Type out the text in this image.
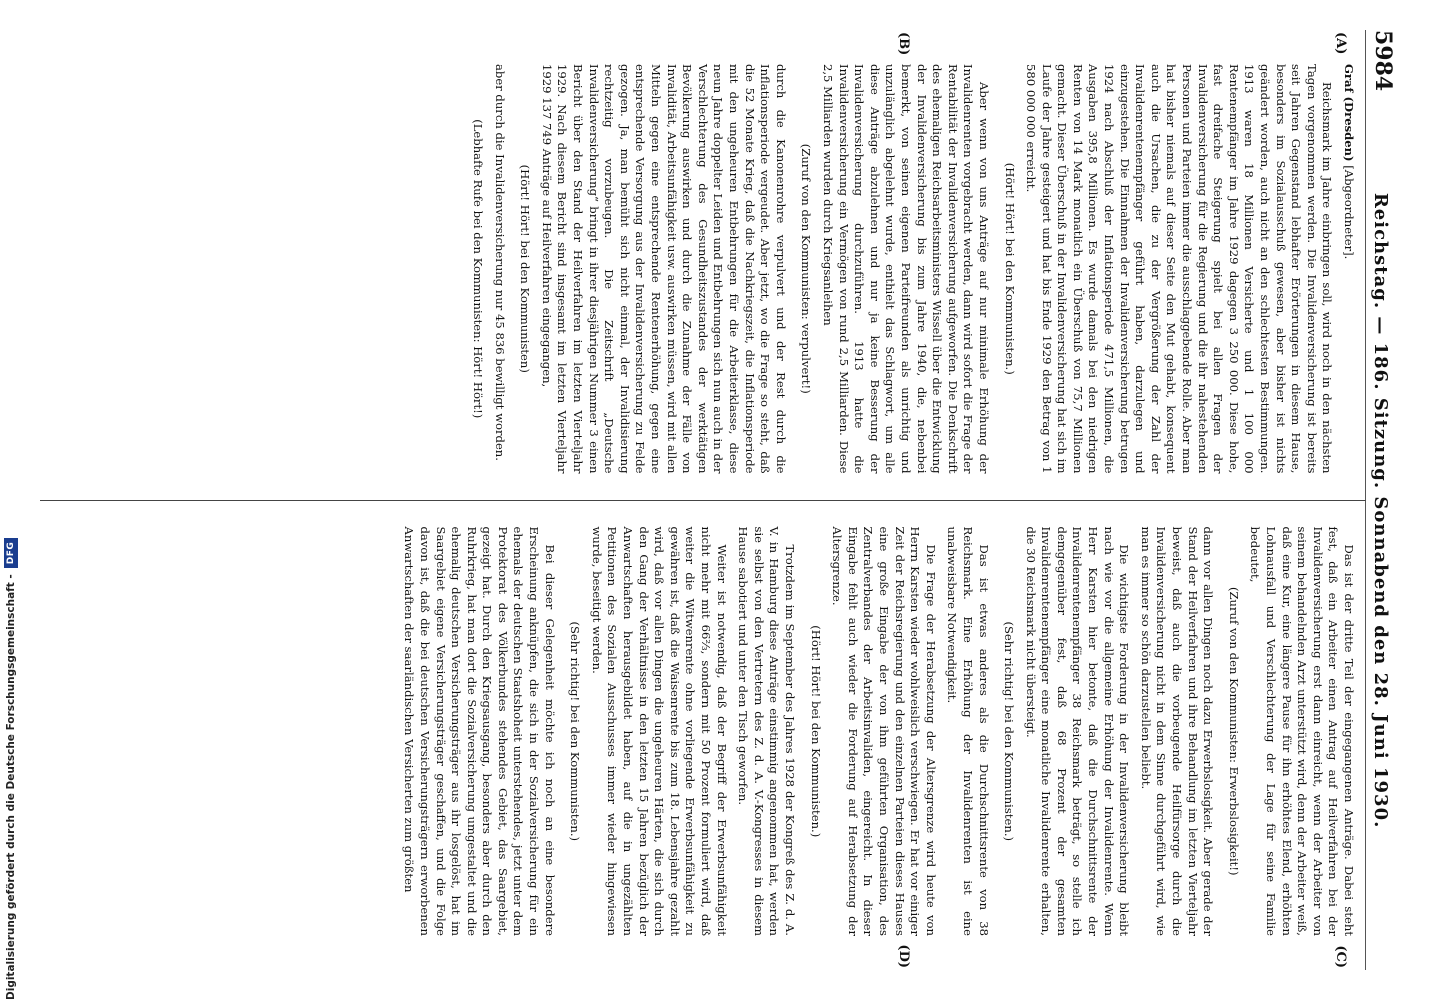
5984
Reichstag. — 186. Sitzung. Sonnabend den 28. Juni 1930.
(A)
(B)

Graf (Dresden) [Abgeordneter].

Reichsmark im Jahre einbringen soll, wird noch in den nächsten Tagen vorgenommen werden. Die Invalidenversicherung ist bereits seit Jahren Gegenstand lebhafter Erörterungen in diesem Hause, besonders im Sozialausschuß gewesen, aber bisher ist nichts geändert worden, auch nicht an den schlechtesten Bestimmungen. 1913 waren 18 Millionen Versicherte und 1 100 000 Rentenempfänger im Jahre 1929 dagegen 3 250 000. Diese hohe, fast dreifache Steigerung spielt bei allen Fragen der Invalidenversicherung für die Regierung und die ihr nahestehenden Personen und Parteien immer die ausschlaggebende Rolle. Aber man hat bisher niemals auf dieser Seite den Mut gehabt, konsequent auch die Ursachen, die zu der Vergrößerung der Zahl der Invalidenrentenempfänger geführt haben, darzulegen und einzugestehen. Die Einnahmen der Invalidenversicherung betrugen 1924 nach Abschluß der Inflationsperiode 471,5 Millionen, die Ausgaben 395,8 Millionen. Es wurde damals bei den niedrigen Renten von 14 Mark monatlich ein Überschuß von 75,7 Millionen gemacht. Dieser Überschuß in der Invalidenversicherung hat sich im Laufe der Jahre gesteigert und hat bis Ende 1929 den Betrag von 1 580 000 000 erreicht.

(Hört! Hört! bei den Kommunisten.)

Aber wenn von uns Anträge auf nur minimale Erhöhung der Invalidenrenten vorgebracht werden, dann wird sofort die Frage der Rentabilität der Invalidenversicherung aufgeworfen. Die Denkschrift des ehemaligen Reichsarbeitsministers Wissell über die Entwicklung der Invalidenversicherung bis zum Jahre 1940, die, nebenbei bemerkt, von seinen eigenen Parteifreunden als unrichtig und unzulänglich abgelehnt wurde, enthielt das Schlagwort, um alle diese Anträge abzulehnen und nur ja keine Besserung der Invalidenversicherung durchzuführen. 1913 hatte die Invalidenversicherung ein Vermögen von rund 2,5 Milliarden. Diese 2,5 Milliarden wurden durch Kriegsanleihen

(Zuruf von den Kommunisten: verpulvert!)

durch die Kanonenrohre verpulvert und der Rest durch die Inflationsperiode vergeudet. Aber jetzt, wo die Frage so steht, daß die 52 Monate Krieg, daß die Nachkriegszeit, die Inflationsperiode mit den ungeheuren Entbehrungen für die Arbeiterklasse, diese neun Jahre doppelter Leiden und Entbehrungen sich nun auch in der Verschlechterung des Gesundheitszustandes der werktätigen Bevölkerung auswirken und durch die Zunahme der Fälle von Invalidität, Arbeitsunfähigkeit usw. auswirken müssen, wird mit allen Mitteln gegen eine entsprechende Rentenerhöhung, gegen eine entsprechende Versorgung aus der Invalidenversicherung zu Felde gezogen. Ja, man bemüht sich nicht einmal, der Invalidisierung rechtzeitig vorzubeugen. Die Zeitschrift „Deutsche Invalidenversicherung“ bringt in ihrer diesjährigen Nummer 3 einen Bericht über den Stand der Heilverfahren im letzten Vierteljahr 1929. Nach diesem Bericht sind insgesamt im letzten Vierteljahr 1929 137 749 Anträge auf Heilverfahren eingegangen,

(Hört! Hört! bei den Kommunisten)

aber durch die Invalidenversicherung nur 45 836 bewilligt worden.

(Lebhafte Rufe bei den Kommunisten: Hört! Hört!)

(C)
(D)

Das ist der dritte Teil der eingegangenen Anträge. Dabei steht fest, daß ein Arbeiter einen Antrag auf Heilverfahren bei der Invalidenversicherung erst dann einreicht, wenn der Arbeiter von seinem behandelnden Arzt unterstützt wird, denn der Arbeiter weiß, daß eine Kur, eine längere Pause für ihn erhöhtes Elend, erhöhten Lohnausfall und Verschlechterung der Lage für seine Familie bedeutet,

(Zuruf von den Kommunisten: Erwerbslosigkeit!)

dann vor allen Dingen noch dazu Erwerbslosigkeit. Aber gerade der Stand der Heilverfahren und ihre Behandlung im letzten Vierteljahr beweist, daß auch die vorbeugende Heilfürsorge durch die Invalidenversicherung nicht in dem Sinne durchgeführt wird, wie man es immer so schön darzustellen beliebt.

Die wichtigste Forderung in der Invalidenversicherung bleibt nach wie vor die allgemeine Erhöhung der Invalidenrente. Wenn Herr Karsten hier betonte, daß die Durchschnittsrente der Invalidenrentenempfänger 38 Reichsmark beträgt, so stelle ich demgegenüber fest, daß 68 Prozent der gesamten Invalidenrentenempfänger eine monatliche Invalidenrente erhalten, die 30 Reichsmark nicht übersteigt.

(Sehr richtig! bei den Kommunisten.)

Das ist etwas anderes als die Durchschnittsrente von 38 Reichsmark. Eine Erhöhung der Invalidenrenten ist eine unabweisbare Notwendigkeit.

Die Frage der Herabsetzung der Altersgrenze wird heute von Herrn Karsten wieder wohlweislich verschwiegen. Er hat vor einiger Zeit der Reichsregierung und den einzelnen Parteien dieses Hauses eine große Eingabe der von ihm geführten Organisation, des Zentralverbandes der Arbeitsinvaliden, eingereicht. In dieser Eingabe fehlt auch wieder die Forderung auf Herabsetzung der Altersgrenze.

(Hört! Hört! bei den Kommunisten.)

Trotzdem im September des Jahres 1928 der Kongreß des Z. d. A. V. in Hamburg diese Anträge einstimmig angenommen hat, werden sie selbst von den Vertretern des Z. d. A. V.-Kongresses in diesem Hause sabotiert und unter den Tisch geworfen.

Weiter ist notwendig, daß der Begriff der Erwerbsunfähigkeit nicht mehr mit 66⅔, sondern mit 50 Prozent formuliert wird, daß weiter die Witwenrente ohne vorliegende Erwerbsunfähigkeit zu gewähren ist, daß die Waisenrente bis zum 18. Lebensjahre gezahlt wird, daß vor allen Dingen die ungeheuren Härten, die sich durch den Gang der Verhältnisse in den letzten 15 Jahren bezüglich der Anwartschaften herausgebildet haben, auf die in ungezählten Petitionen des Sozialen Ausschusses immer wieder hingewiesen wurde, beseitigt werden.

(Sehr richtig! bei den Kommunisten.)

Bei dieser Gelegenheit möchte ich noch an eine besondere Erscheinung anknüpfen, die sich in der Sozialversicherung für ein ehemals der deutschen Staatshoheit unterstehendes, jetzt unter dem Protektorat des Völkerbundes stehendes Gebiet, das Saargebiet, gezeigt hat. Durch den Kriegsausgang, besonders aber durch den Ruhrkrieg, hat man dort die Sozialversicherung umgestaltet und die ehemalig deutschen Versicherungsträger aus ihr losgelöst, hat im Saargebiet eigene Versicherungsträger geschaffen, und die Folge davon ist, daß die bei deutschen Versicherungsträgern erworbenen Anwartschaften der saarländischen Versicherten zum größten

Digitalisierung gefördert durch die Deutsche Forschungsgemeinschaft -
DFG
